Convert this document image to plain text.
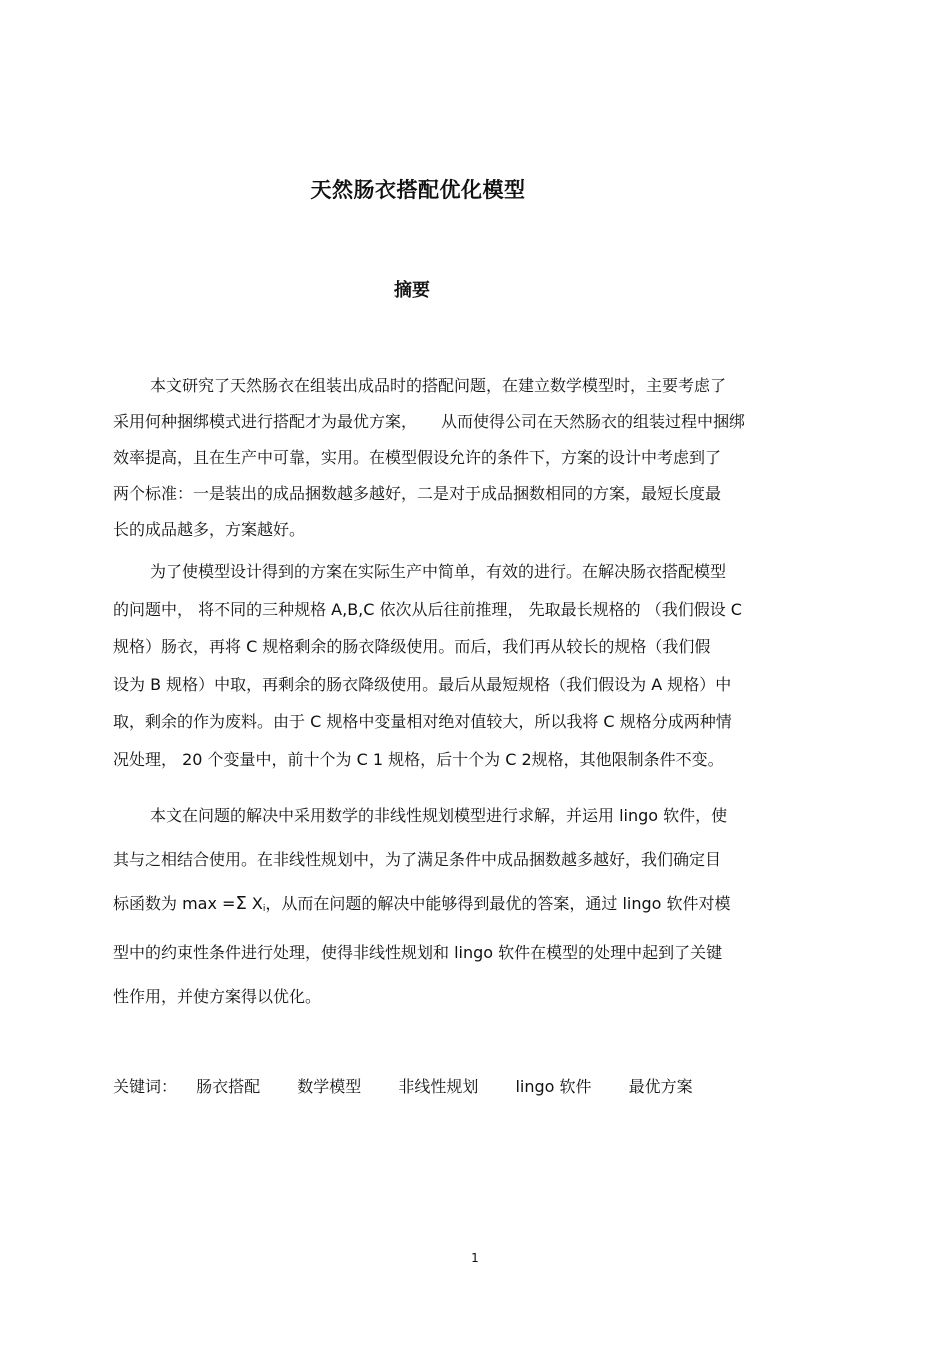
天然肠衣搭配优化模型
摘要
本文研究了天然肠衣在组装出成品时的搭配问题，在建立数学模型时，主要考虑了
采用何种捆绑模式进行搭配才为最优方案，　　从而使得公司在天然肠衣的组装过程中捆绑
效率提高，且在生产中可靠，实用。在模型假设允许的条件下，方案的设计中考虑到了
两个标准：一是装出的成品捆数越多越好，二是对于成品捆数相同的方案，最短长度最
长的成品越多，方案越好。
为了使模型设计得到的方案在实际生产中简单，有效的进行。在解决肠衣搭配模型
的问题中， 将不同的三种规格 A,B,C 依次从后往前推理， 先取最长规格的 （我们假设 C
规格）肠衣，再将 C 规格剩余的肠衣降级使用。而后，我们再从较长的规格（我们假
设为 B 规格）中取，再剩余的肠衣降级使用。最后从最短规格（我们假设为 A 规格）中
取，剩余的作为废料。由于 C 规格中变量相对绝对值较大，所以我将 C 规格分成两种情
况处理， 20 个变量中，前十个为 C 1 规格，后十个为 C 2规格，其他限制条件不变。
本文在问题的解决中采用数学的非线性规划模型进行求解，并运用 lingo 软件，使
其与之相结合使用。在非线性规划中，为了满足条件中成品捆数越多越好，我们确定目
标函数为 max =Σ $X_i$，从而在问题的解决中能够得到最优的答案，通过 lingo 软件对模
型中的约束性条件进行处理，使得非线性规划和 lingo 软件在模型的处理中起到了关键
性作用，并使方案得以优化。
关键词： 肠衣搭配 数学模型 非线性规划 lingo 软件 最优方案
1
